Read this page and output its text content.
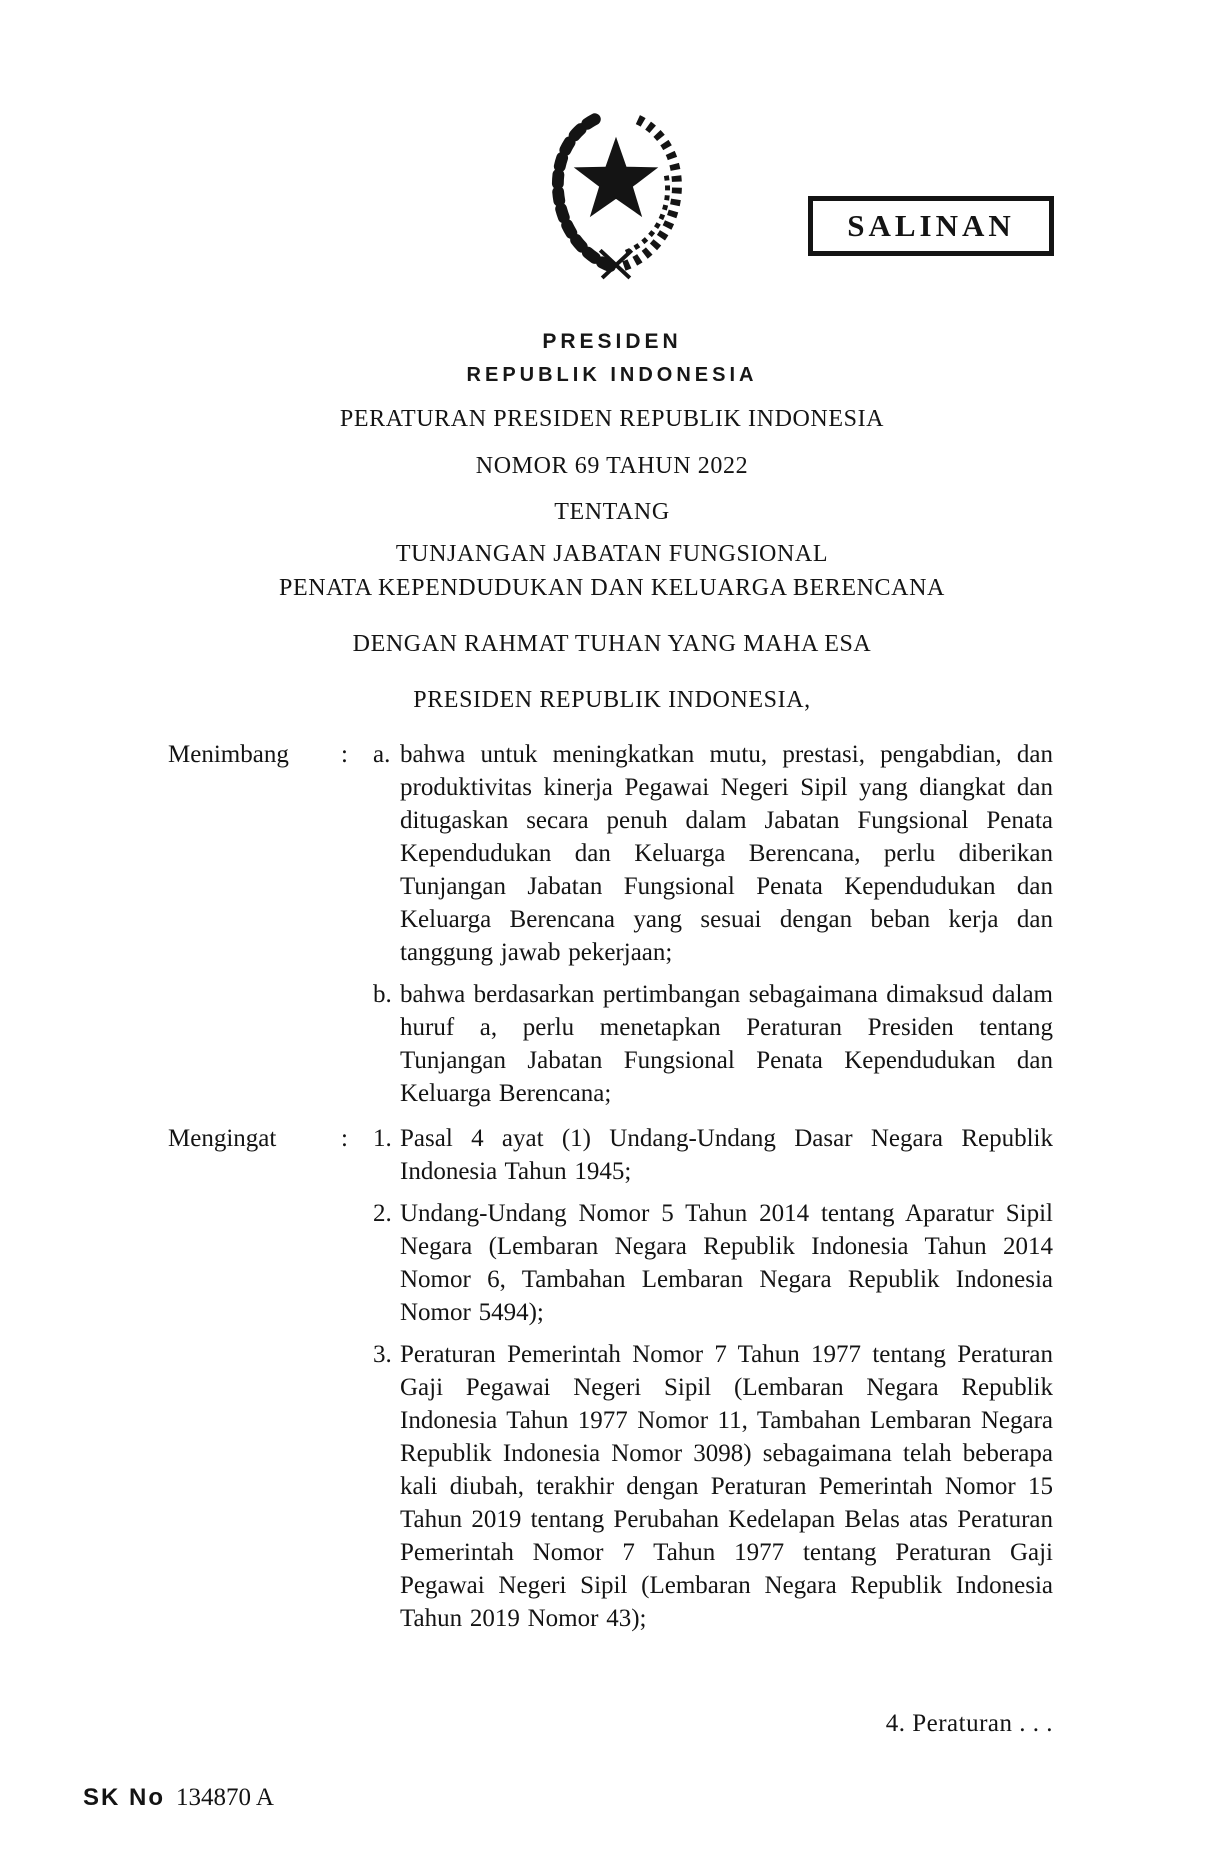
SALINAN
PRESIDEN
REPUBLIK INDONESIA
PERATURAN PRESIDEN REPUBLIK INDONESIA
NOMOR 69 TAHUN 2022
TENTANG
TUNJANGAN JABATAN FUNGSIONAL
PENATA KEPENDUDUKAN DAN KELUARGA BERENCANA
DENGAN RAHMAT TUHAN YANG MAHA ESA
PRESIDEN REPUBLIK INDONESIA,
Menimbang	:	a. bahwa untuk meningkatkan mutu, prestasi, pengabdian, dan produktivitas kinerja Pegawai Negeri Sipil yang diangkat dan ditugaskan secara penuh dalam Jabatan Fungsional Penata Kependudukan dan Keluarga Berencana, perlu diberikan Tunjangan Jabatan Fungsional Penata Kependudukan dan Keluarga Berencana yang sesuai dengan beban kerja dan tanggung jawab pekerjaan;
b. bahwa berdasarkan pertimbangan sebagaimana dimaksud dalam huruf a, perlu menetapkan Peraturan Presiden tentang Tunjangan Jabatan Fungsional Penata Kependudukan dan Keluarga Berencana;
Mengingat	:	1. Pasal 4 ayat (1) Undang-Undang Dasar Negara Republik Indonesia Tahun 1945;
2. Undang-Undang Nomor 5 Tahun 2014 tentang Aparatur Sipil Negara (Lembaran Negara Republik Indonesia Tahun 2014 Nomor 6, Tambahan Lembaran Negara Republik Indonesia Nomor 5494);
3. Peraturan Pemerintah Nomor 7 Tahun 1977 tentang Peraturan Gaji Pegawai Negeri Sipil (Lembaran Negara Republik Indonesia Tahun 1977 Nomor 11, Tambahan Lembaran Negara Republik Indonesia Nomor 3098) sebagaimana telah beberapa kali diubah, terakhir dengan Peraturan Pemerintah Nomor 15 Tahun 2019 tentang Perubahan Kedelapan Belas atas Peraturan Pemerintah Nomor 7 Tahun 1977 tentang Peraturan Gaji Pegawai Negeri Sipil (Lembaran Negara Republik Indonesia Tahun 2019 Nomor 43);
4. Peraturan . . .
SK No 134870 A
